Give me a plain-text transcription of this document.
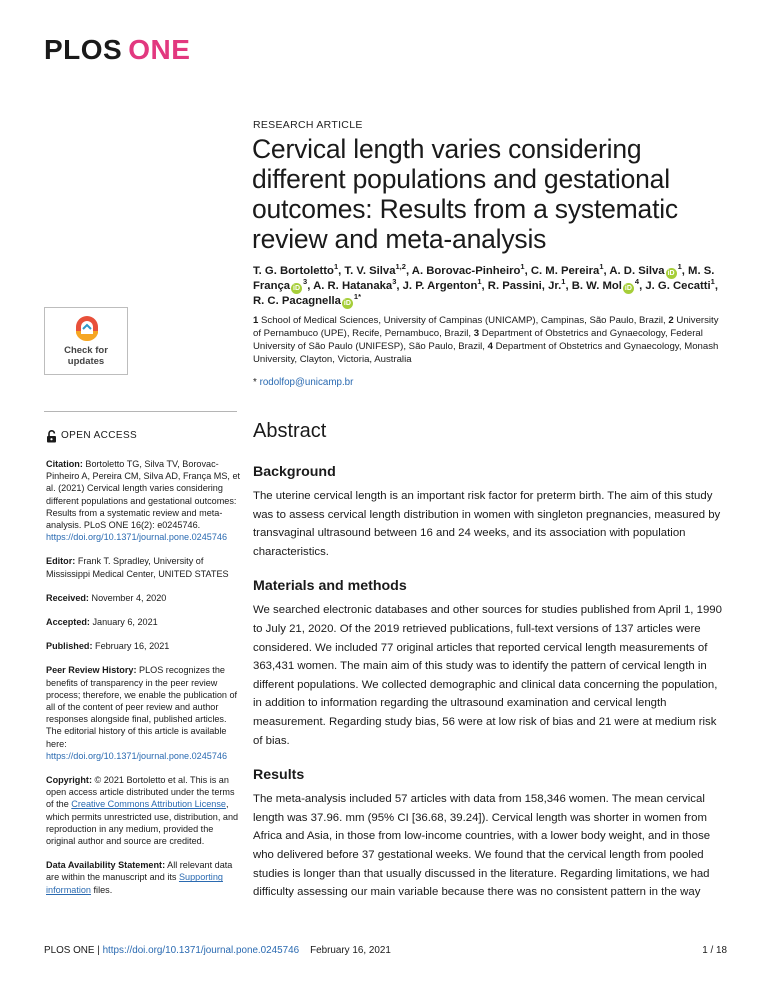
PLOS ONE
RESEARCH ARTICLE
Cervical length varies considering different populations and gestational outcomes: Results from a systematic review and meta-analysis
T. G. Bortoletto$^1$, T. V. Silva$^{1,2}$, A. Borovac-Pinheiro$^1$, C. M. Pereira$^1$, A. D. Silva $iD^1$, M. S. França $iD^3$, A. R. Hatanaka$^3$, J. P. Argenton$^1$, R. Passini, Jr.$^1$, B. W. Mol $iD^4$, J. G. Cecatti$^1$, R. C. Pacagnella $iD^{1*}$
1 School of Medical Sciences, University of Campinas (UNICAMP), Campinas, São Paulo, Brazil, 2 University of Pernambuco (UPE), Recife, Pernambuco, Brazil, 3 Department of Obstetrics and Gynaecology, Federal University of São Paulo (UNIFESP), São Paulo, Brazil, 4 Department of Obstetrics and Gynaecology, Monash University, Clayton, Victoria, Australia
* rodolfop@unicamp.br
Check for
updates
OPEN ACCESS
Citation: Bortoletto TG, Silva TV, Borovac-Pinheiro A, Pereira CM, Silva AD, França MS, et al. (2021) Cervical length varies considering different populations and gestational outcomes: Results from a systematic review and meta-analysis. PLoS ONE 16(2): e0245746. https://doi.org/10.1371/journal.pone.0245746
Editor: Frank T. Spradley, University of Mississippi Medical Center, UNITED STATES
Received: November 4, 2020
Accepted: January 6, 2021
Published: February 16, 2021
Peer Review History: PLOS recognizes the benefits of transparency in the peer review process; therefore, we enable the publication of all of the content of peer review and author responses alongside final, published articles. The editorial history of this article is available here: https://doi.org/10.1371/journal.pone.0245746
Copyright: © 2021 Bortoletto et al. This is an open access article distributed under the terms of the Creative Commons Attribution License, which permits unrestricted use, distribution, and reproduction in any medium, provided the original author and source are credited.
Data Availability Statement: All relevant data are within the manuscript and its Supporting information files.
Abstract
Background

The uterine cervical length is an important risk factor for preterm birth. The aim of this study was to assess cervical length distribution in women with singleton pregnancies, measured by transvaginal ultrasound between 16 and 24 weeks, and its association with population characteristics.

Materials and methods

We searched electronic databases and other sources for studies published from April 1, 1990 to July 21, 2020. Of the 2019 retrieved publications, full-text versions of 137 articles were considered. We included 77 original articles that reported cervical length measurements of 363,431 women. The main aim of this study was to identify the pattern of cervical length in different populations. We collected demographic and clinical data concerning the population, in addition to information regarding the ultrasound examination and cervical length measurement. Regarding study bias, 56 were at low risk of bias and 21 were at medium risk of bias.

Results

The meta-analysis included 57 articles with data from 158,346 women. The mean cervical length was 37.96. mm (95% CI [36.68, 39.24]). Cervical length was shorter in women from Africa and Asia, in those from low-income countries, with a lower body weight, and in those who delivered before 37 gestational weeks. We found that the cervical length from pooled studies is longer than that usually discussed in the literature. Regarding limitations, we had difficulty assessing our main variable because there was no consistent pattern in the way

PLOS ONE | https://doi.org/10.1371/journal.pone.0245746 February 16, 2021	1 / 18
